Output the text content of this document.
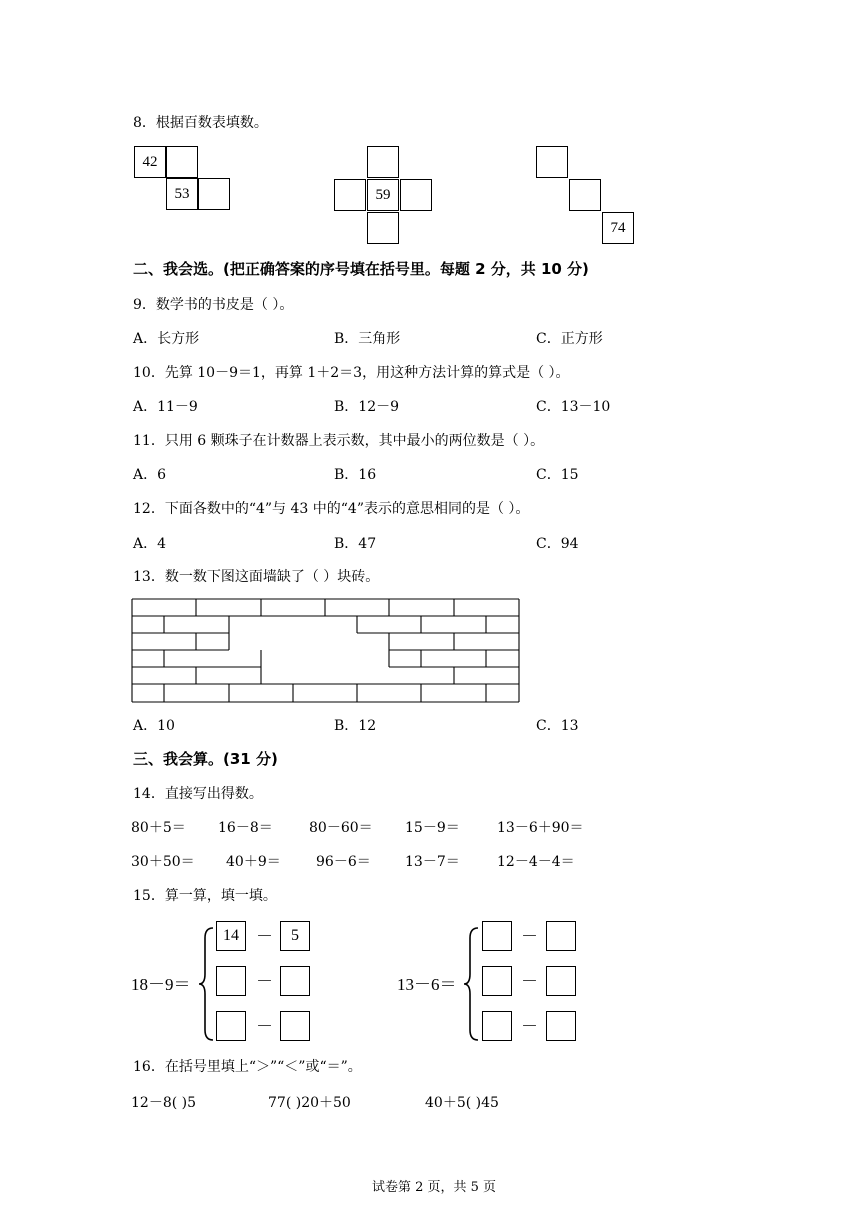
8．根据百数表填数。
42
53	59
74
二、我会选。(把正确答案的序号填在括号里。每题 2 分，共 10 分)
9．数学书的书皮是（ ）。
A．长方形	B．三角形	C．正方形
10．先算 10－9＝1，再算 1＋2＝3，用这种方法计算的算式是（ ）。
A．11－9	B．12－9	C．13－10
11．只用 6 颗珠子在计数器上表示数，其中最小的两位数是（ ）。
A．6	B．16	C．15
12．下面各数中的“4”与 43 中的“4”表示的意思相同的是（ ）。
A．4	B．47	C．94
13．数一数下图这面墙缺了（ ）块砖。
A．10	B．12	C．13
三、我会算。(31 分)
14．直接写出得数。
80＋5＝ 16－8＝	80－60＝ 15－9＝	13－6＋90＝
30＋50＝ 40＋9＝	96－6＝ 13－7＝	12－4－4＝
15．算一算，填一填。
18－9＝
14	－	5
－
－
13－6＝
－
－
－
16．在括号里填上“＞”“＜”或“＝”。
12－8( )5	77( )20＋50	40＋5( )45
试卷第 2 页，共 5 页
